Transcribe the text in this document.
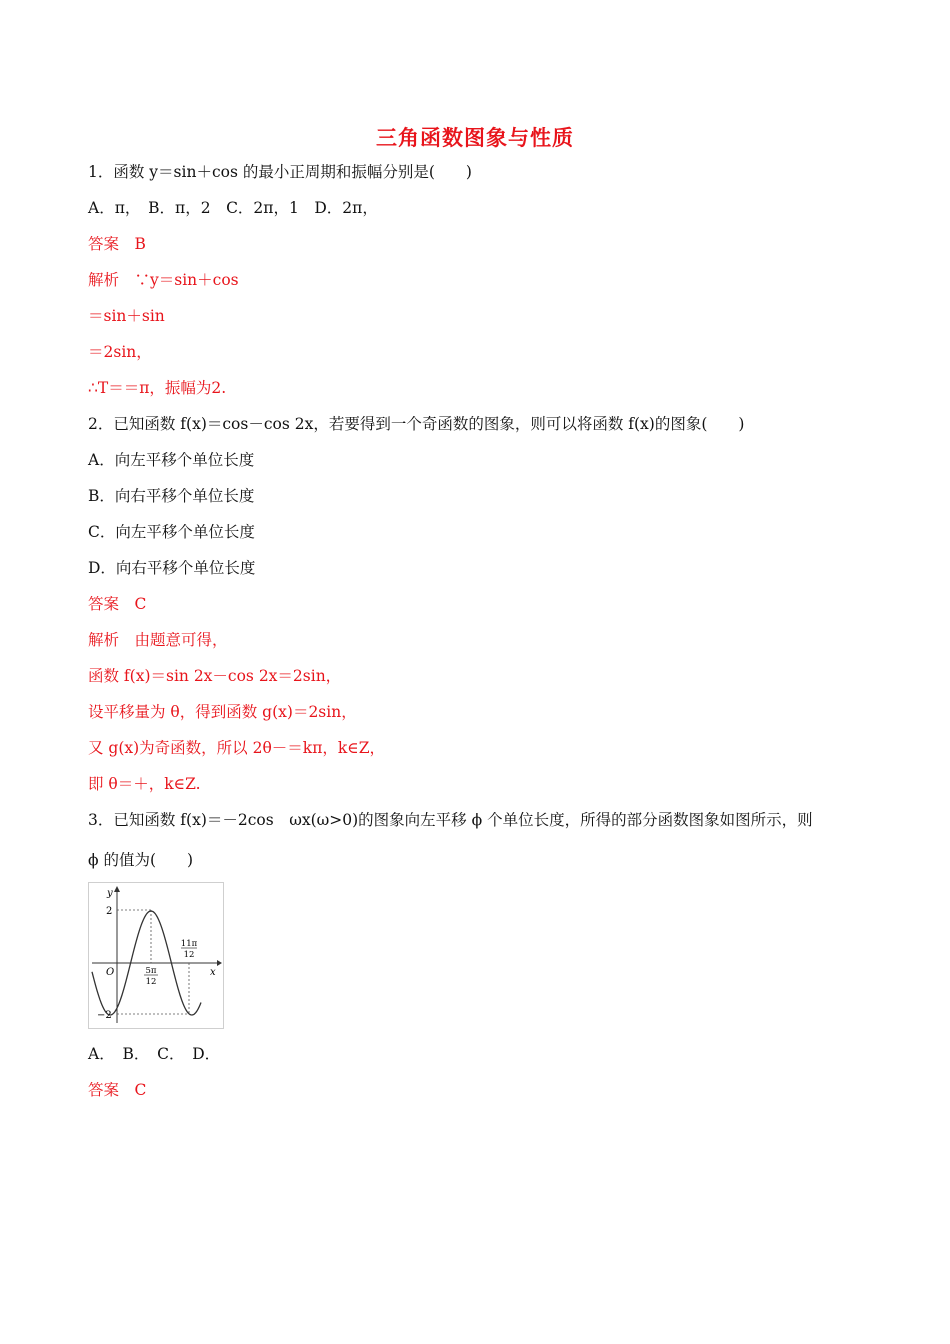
三角函数图象与性质
1．函数 y＝sin＋cos 的最小正周期和振幅分别是(　　)
A．π，　B．π，2　C．2π，1　D．2π，
答案　B
解析　∵y＝sin＋cos
＝sin＋sin
＝2sin，
∴T＝＝π，振幅为2.
2．已知函数 f(x)＝cos－cos 2x，若要得到一个奇函数的图象，则可以将函数 f(x)的图象(　　)
A．向左平移个单位长度
B．向右平移个单位长度
C．向左平移个单位长度
D．向右平移个单位长度
答案　C
解析　由题意可得，
函数 f(x)＝sin 2x－cos 2x＝2sin，
设平移量为 θ，得到函数 g(x)＝2sin，
又 g(x)为奇函数，所以 2θ－＝kπ，k∈Z，
即 θ＝＋，k∈Z.
3．已知函数 f(x)＝－2cos　ωx(ω>0)的图象向左平移 ϕ 个单位长度，所得的部分函数图象如图所示，则
ϕ 的值为(　　)
y
x
O
2
−2
5π
12
11π
12
A．　B．　C．　D．
答案　C
